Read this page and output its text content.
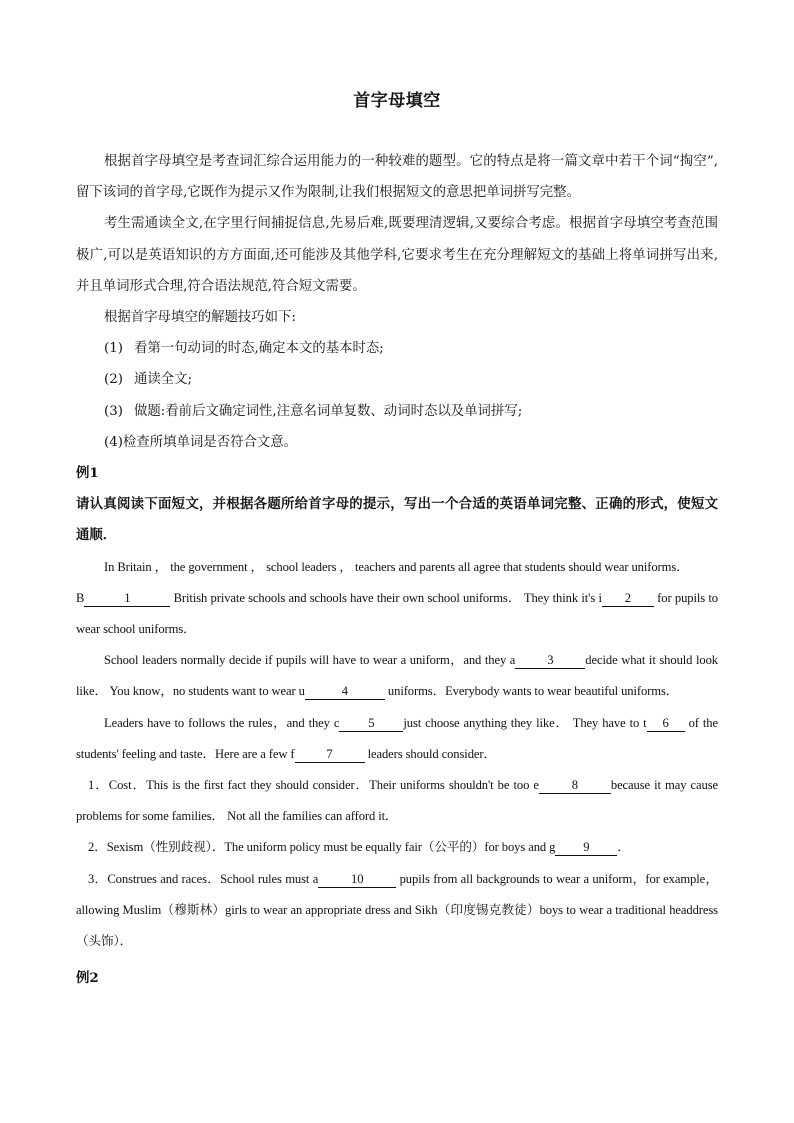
首字母填空

根据首字母填空是考查词汇综合运用能力的一种较难的题型。它的特点是将一篇文章中若干个词“掏空”,留下该词的首字母,它既作为提示又作为限制,让我们根据短文的意思把单词拼写完整。

考生需通读全文,在字里行间捕捉信息,先易后难,既要理清逻辑,又要综合考虑。根据首字母填空考查范围极广,可以是英语知识的方方面面,还可能涉及其他学科,它要求考生在充分理解短文的基础上将单词拼写出来,并且单词形式合理,符合语法规范,符合短文需要。

根据首字母填空的解题技巧如下:

(1) 看第一句动词的时态,确定本文的基本时态;

(2) 通读全文;

(3) 做题:看前后文确定词性,注意名词单复数、动词时态以及单词拼写;

(4)检查所填单词是否符合文意。

例1

请认真阅读下面短文，并根据各题所给首字母的提示，写出一个合适的英语单词完整、正确的形式，使短文通顺．

In Britain ， the government ， school leaders ， teachers and parents all agree that students should wear uniforms．

B	1	British private schools and schools have their own school uniforms． They think it's i 2 for pupils to wear school uniforms．

School leaders normally decide if pupils will have to wear a uniform，and they a	3	decide what it should look like． You know，no students want to wear u	4	uniforms．Everybody wants to wear beautiful uniforms．

Leaders have to follows the rules，and they c 5 just choose anything they like． They have to t 6 of the students' feeling and taste．Here are a few f	7	leaders should consider．

1．Cost．This is the first fact they should consider．Their uniforms shouldn't be too e	8	because it may cause problems for some families． Not all the families can afford it．

2．Sexism（性别歧视）．The uniform policy must be equally fair（公平的）for boys and g 9 ．

3．Construes and races．School rules must a	10	pupils from all backgrounds to wear a uniform，for example，allowing Muslim（穆斯林）girls to wear an appropriate dress and Sikh（印度锡克教徒）boys to wear a traditional headdress（头饰）．

例2
